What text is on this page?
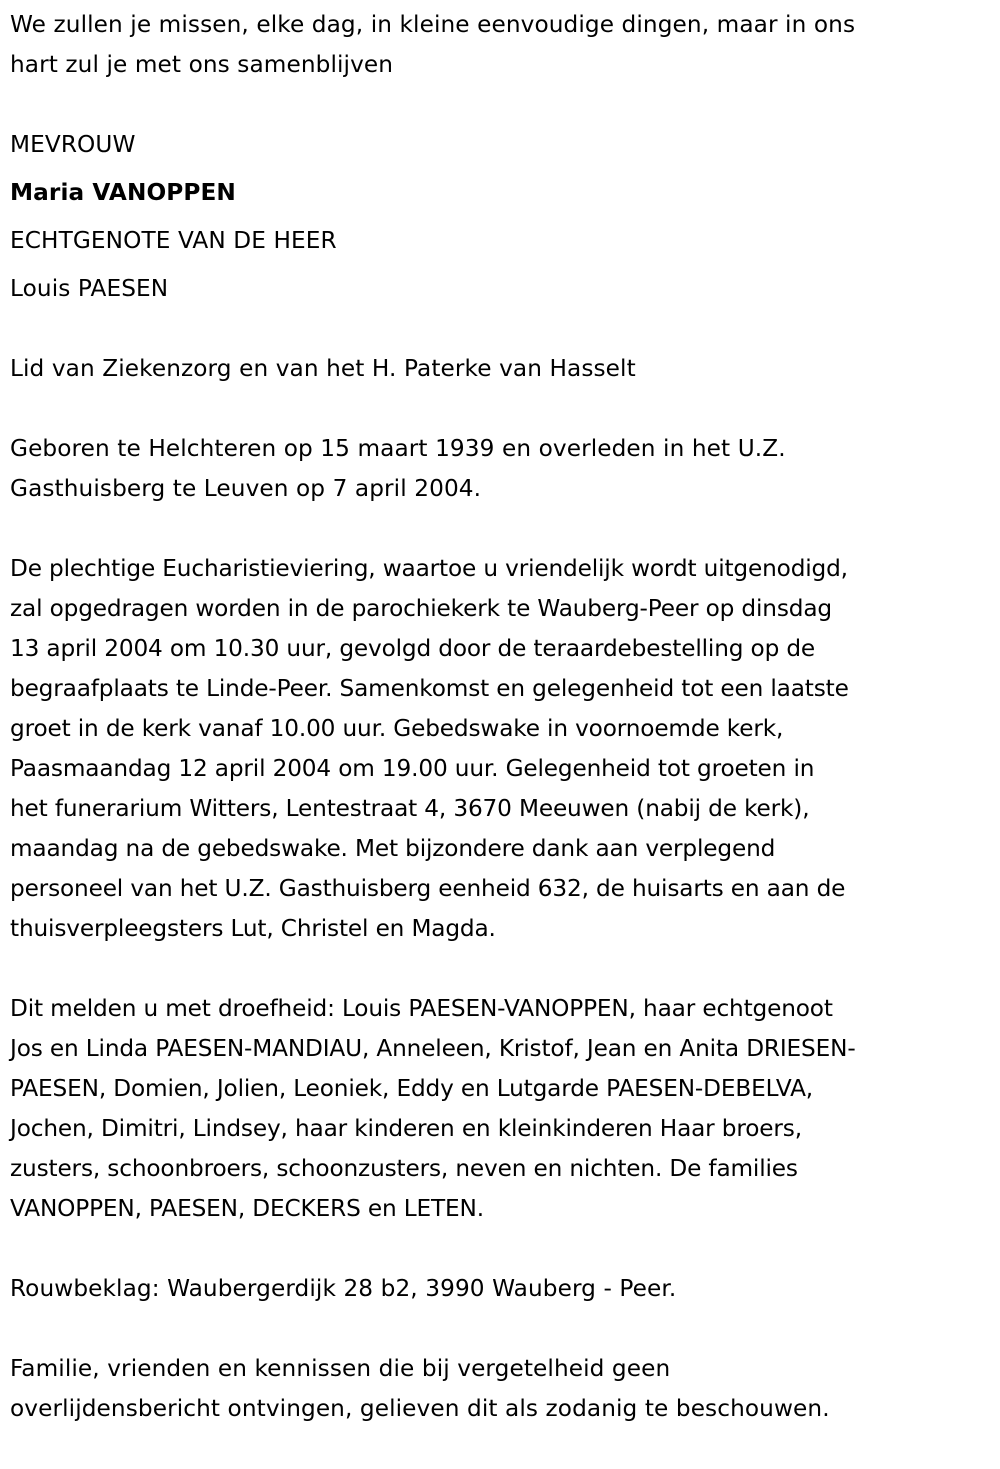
We zullen je missen, elke dag, in kleine eenvoudige dingen, maar in ons
hart zul je met ons samenblijven
MEVROUW
Maria VANOPPEN
ECHTGENOTE VAN DE HEER
Louis PAESEN
Lid van Ziekenzorg en van het H. Paterke van Hasselt
Geboren te Helchteren op 15 maart 1939 en overleden in het U.Z.
Gasthuisberg te Leuven op 7 april 2004.
De plechtige Eucharistieviering, waartoe u vriendelijk wordt uitgenodigd,
zal opgedragen worden in de parochiekerk te Wauberg-Peer op dinsdag
13 april 2004 om 10.30 uur, gevolgd door de teraardebestelling op de
begraafplaats te Linde-Peer. Samenkomst en gelegenheid tot een laatste
groet in de kerk vanaf 10.00 uur. Gebedswake in voornoemde kerk,
Paasmaandag 12 april 2004 om 19.00 uur. Gelegenheid tot groeten in
het funerarium Witters, Lentestraat 4, 3670 Meeuwen (nabij de kerk),
maandag na de gebedswake. Met bijzondere dank aan verplegend
personeel van het U.Z. Gasthuisberg eenheid 632, de huisarts en aan de
thuisverpleegsters Lut, Christel en Magda.
Dit melden u met droefheid: Louis PAESEN-VANOPPEN, haar echtgenoot
Jos en Linda PAESEN-MANDIAU, Anneleen, Kristof, Jean en Anita DRIESEN-
PAESEN, Domien, Jolien, Leoniek, Eddy en Lutgarde PAESEN-DEBELVA,
Jochen, Dimitri, Lindsey, haar kinderen en kleinkinderen Haar broers,
zusters, schoonbroers, schoonzusters, neven en nichten. De families
VANOPPEN, PAESEN, DECKERS en LETEN.
Rouwbeklag: Waubergerdijk 28 b2, 3990 Wauberg - Peer.
Familie, vrienden en kennissen die bij vergetelheid geen
overlijdensbericht ontvingen, gelieven dit als zodanig te beschouwen.
